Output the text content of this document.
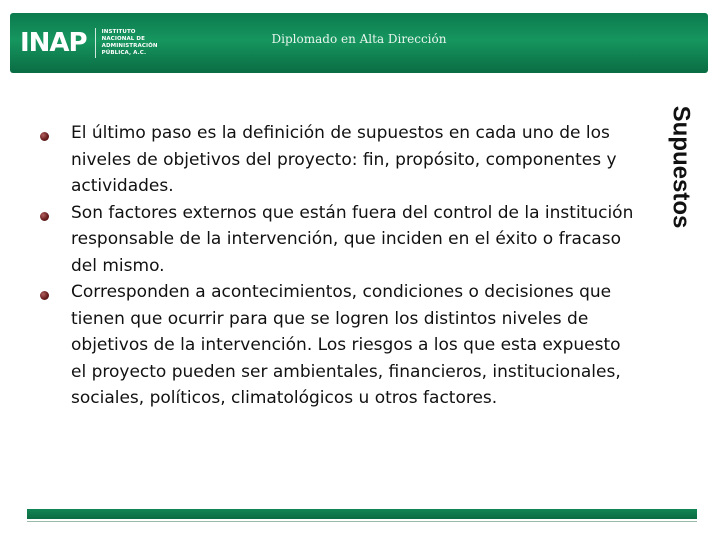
INAP	INSTITUTO
NACIONAL DE
ADMINISTRACIÓN
PÚBLICA, A.C.
Diplomado en Alta Dirección
Supuestos
El último paso es la definición de supuestos en cada uno de los niveles de objetivos del proyecto: fin, propósito, componentes y actividades.
Son factores externos que están fuera del control de la institución responsable de la intervención, que inciden en el éxito o fracaso del mismo.
Corresponden a acontecimientos, condiciones o decisiones que tienen que ocurrir para que se logren los distintos niveles de objetivos de la intervención. Los riesgos a los que esta expuesto el proyecto pueden ser ambientales, financieros, institucionales, sociales, políticos, climatológicos u otros factores.
